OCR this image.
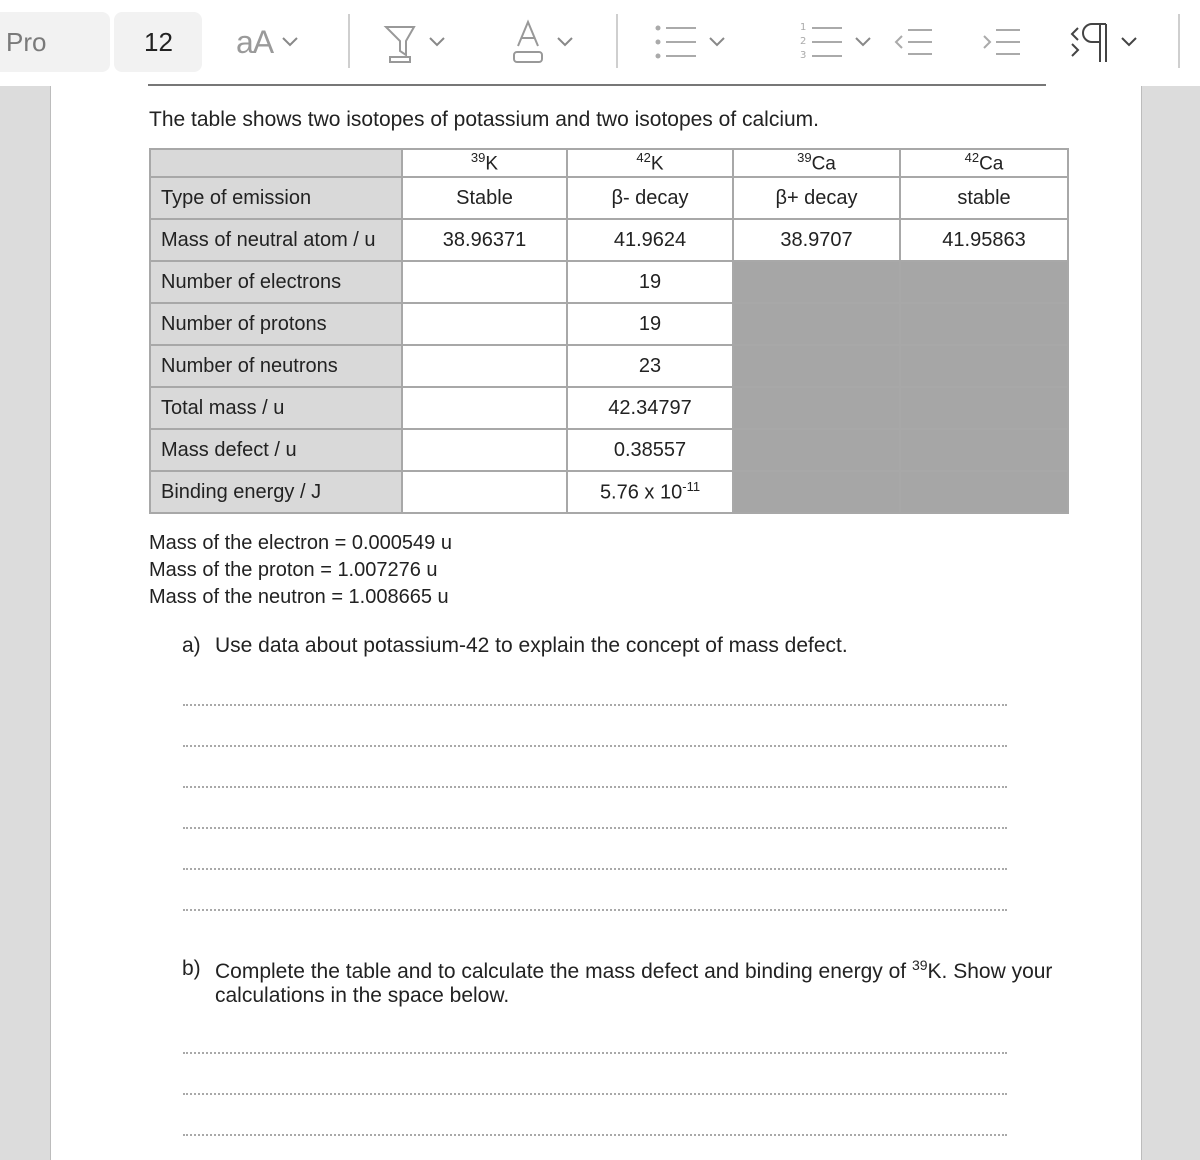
Pro	12	aA	1
2
3
The table shows two isotopes of potassium and two isotopes of calcium.
	$^{39}$K	$^{42}$K	$^{39}$Ca	$^{42}$Ca
Type of emission	Stable	β- decay	β+ decay	stable
Mass of neutral atom / u	38.96371	41.9624	38.9707	41.95863
Number of electrons		19		
Number of protons		19		
Number of neutrons		23		
Total mass / u		42.34797		
Mass defect / u		0.38557		
Binding energy / J		5.76 x $10^{-11}$		
Mass of the electron = 0.000549 u
Mass of the proton = 1.007276 u
Mass of the neutron = 1.008665 u
a) Use data about potassium-42 to explain the concept of mass defect.
b) Complete the table and to calculate the mass defect and binding energy of $^{39}$K. Show your
calculations in the space below.
